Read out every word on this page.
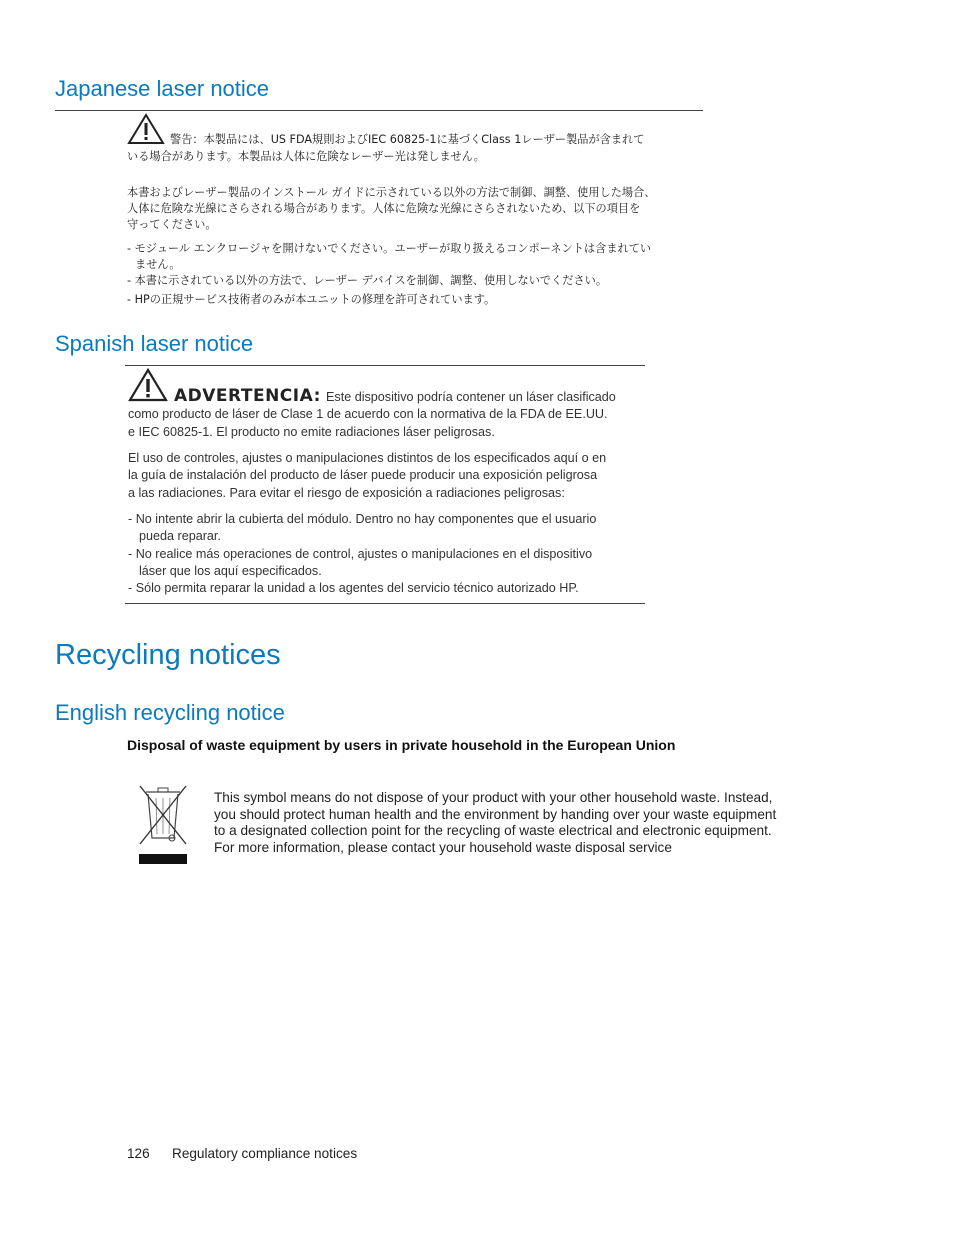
Japanese laser notice
警告：本製品には、US FDA規則およびIEC 60825-1に基づくClass 1レーザー製品が含まれて
いる場合があります。本製品は人体に危険なレーザー光は発しません。
本書およびレーザー製品のインストール ガイドに示されている以外の方法で制御、調整、使用した場合、
人体に危険な光線にさらされる場合があります。人体に危険な光線にさらされないため、以下の項目を
守ってください。
- モジュール エンクロージャを開けないでください。ユーザーが取り扱えるコンポーネントは含まれてい
ません。
- 本書に示されている以外の方法で、レーザー デバイスを制御、調整、使用しないでください。
- HPの正規サービス技術者のみが本ユニットの修理を許可されています。
Spanish laser notice
ADVERTENCIA: Este dispositivo podría contener un láser clasificado
como producto de láser de Clase 1 de acuerdo con la normativa de la FDA de EE.UU.
e IEC 60825-1. El producto no emite radiaciones láser peligrosas.
El uso de controles, ajustes o manipulaciones distintos de los especificados aquí o en
la guía de instalación del producto de láser puede producir una exposición peligrosa
a las radiaciones. Para evitar el riesgo de exposición a radiaciones peligrosas:
- No intente abrir la cubierta del módulo. Dentro no hay componentes que el usuario
pueda reparar.
- No realice más operaciones de control, ajustes o manipulaciones en el dispositivo
láser que los aquí especificados.
- Sólo permita reparar la unidad a los agentes del servicio técnico autorizado HP.
Recycling notices
English recycling notice
Disposal of waste equipment by users in private household in the European Union
This symbol means do not dispose of your product with your other household waste. Instead,
you should protect human health and the environment by handing over your waste equipment
to a designated collection point for the recycling of waste electrical and electronic equipment.
For more information, please contact your household waste disposal service
126 Regulatory compliance notices
